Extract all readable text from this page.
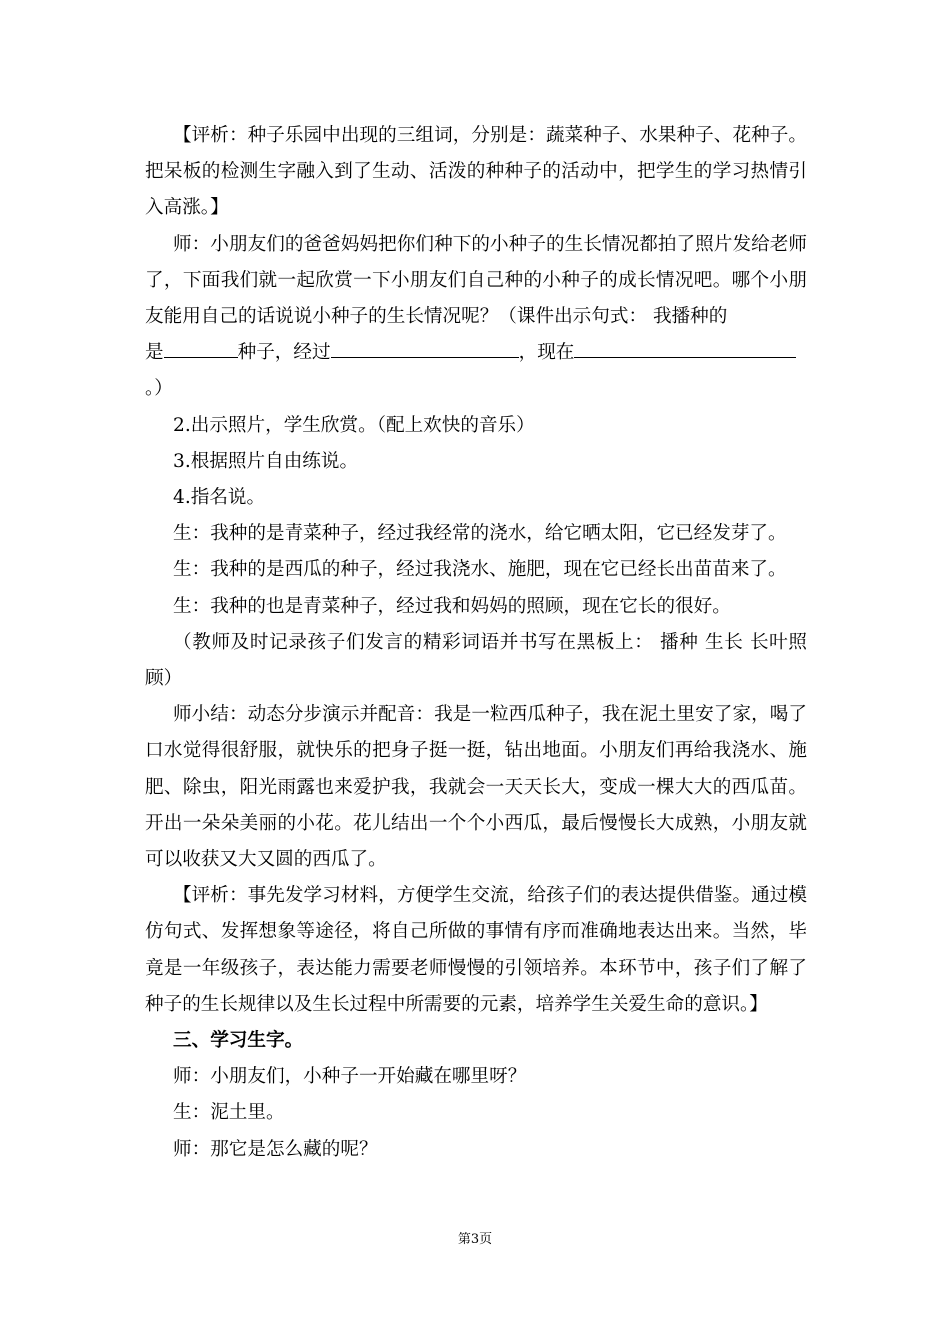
【评析：种子乐园中出现的三组词，分别是：蔬菜种子、水果种子、花种子。把呆板的检测生字融入到了生动、活泼的种种子的活动中，把学生的学习热情引入高涨。】

师：小朋友们的爸爸妈妈把你们种下的小种子的生长情况都拍了照片发给老师了，下面我们就一起欣赏一下小朋友们自己种的小种子的成长情况吧。哪个小朋友能用自己的话说说小种子的生长情况呢？（课件出示句式： 我播种的

是	种子，经过	，现在

。）

2.出示照片，学生欣赏。（配上欢快的音乐）

3.根据照片自由练说。

4.指名说。

生：我种的是青菜种子，经过我经常的浇水，给它晒太阳，它已经发芽了。

生：我种的是西瓜的种子，经过我浇水、施肥，现在它已经长出苗苗来了。

生：我种的也是青菜种子，经过我和妈妈的照顾，现在它长的很好。

（教师及时记录孩子们发言的精彩词语并书写在黑板上： 播种 生长 长叶照顾）

师小结：动态分步演示并配音：我是一粒西瓜种子，我在泥土里安了家，喝了口水觉得很舒服，就快乐的把身子挺一挺，钻出地面。小朋友们再给我浇水、施肥、除虫，阳光雨露也来爱护我，我就会一天天长大，变成一棵大大的西瓜苗。开出一朵朵美丽的小花。花儿结出一个个小西瓜，最后慢慢长大成熟，小朋友就可以收获又大又圆的西瓜了。

【评析：事先发学习材料，方便学生交流，给孩子们的表达提供借鉴。通过模仿句式、发挥想象等途径，将自己所做的事情有序而准确地表达出来。当然，毕竟是一年级孩子，表达能力需要老师慢慢的引领培养。本环节中，孩子们了解了种子的生长规律以及生长过程中所需要的元素，培养学生关爱生命的意识。】

三、学习生字。

师：小朋友们，小种子一开始藏在哪里呀？

生：泥土里。

师：那它是怎么藏的呢？

第3页
